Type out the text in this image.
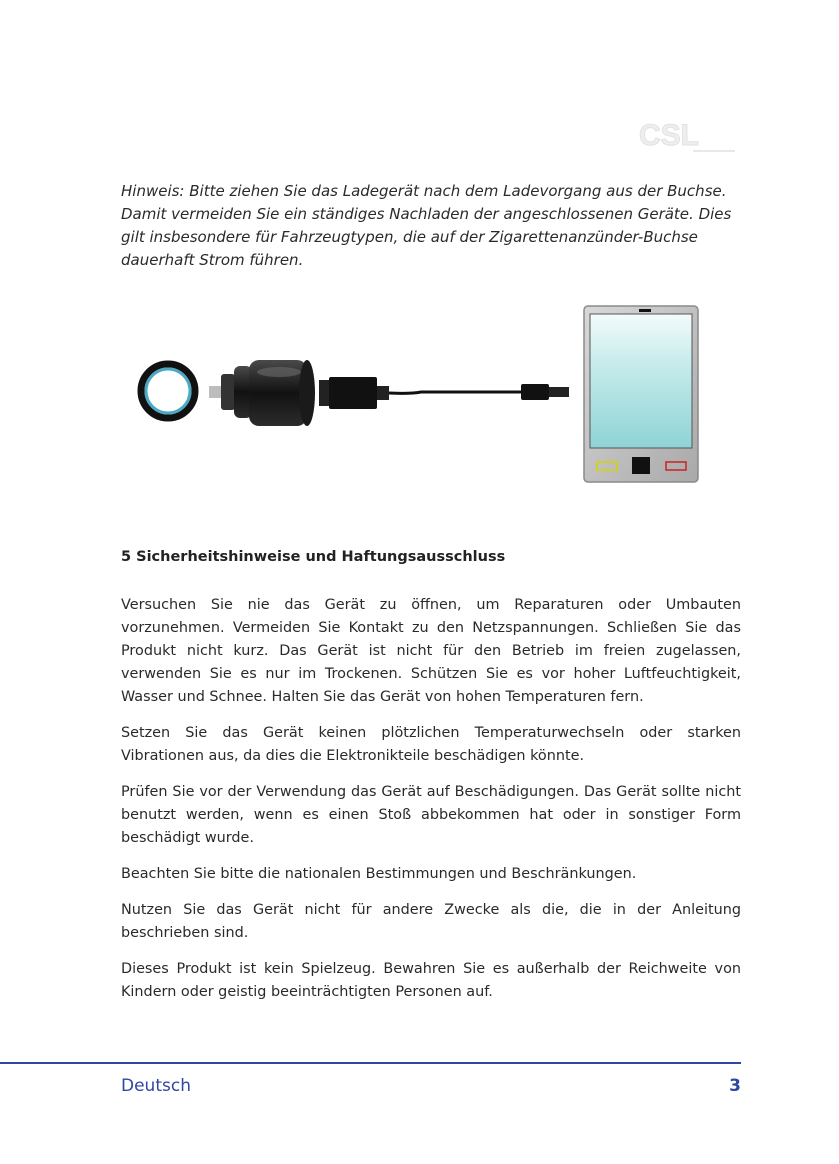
CSL

Hinweis: Bitte ziehen Sie das Ladegerät nach dem Ladevorgang aus der Buchse.
Damit vermeiden Sie ein ständiges Nachladen der angeschlossenen Geräte. Dies
gilt insbesondere für Fahrzeugtypen, die auf der Zigarettenanzünder-Buchse
dauerhaft Strom führen.

5 Sicherheitshinweise und Haftungsausschluss

Versuchen Sie nie das Gerät zu öffnen, um Reparaturen oder Umbauten vorzunehmen. Vermeiden Sie Kontakt zu den Netzspannungen. Schließen Sie das Produkt nicht kurz. Das Gerät ist nicht für den Betrieb im freien zugelassen, verwenden Sie es nur im Trockenen. Schützen Sie es vor hoher Luftfeuchtigkeit, Wasser und Schnee. Halten Sie das Gerät von hohen Temperaturen fern.

Setzen Sie das Gerät keinen plötzlichen Temperaturwechseln oder starken Vibrationen aus, da dies die Elektronikteile beschädigen könnte.

Prüfen Sie vor der Verwendung das Gerät auf Beschädigungen. Das Gerät sollte nicht benutzt werden, wenn es einen Stoß abbekommen hat oder in sonstiger Form beschädigt wurde.

Beachten Sie bitte die nationalen Bestimmungen und Beschränkungen.

Nutzen Sie das Gerät nicht für andere Zwecke als die, die in der Anleitung beschrieben sind.

Dieses Produkt ist kein Spielzeug. Bewahren Sie es außerhalb der Reichweite von Kindern oder geistig beeinträchtigten Personen auf.

Deutsch	3
